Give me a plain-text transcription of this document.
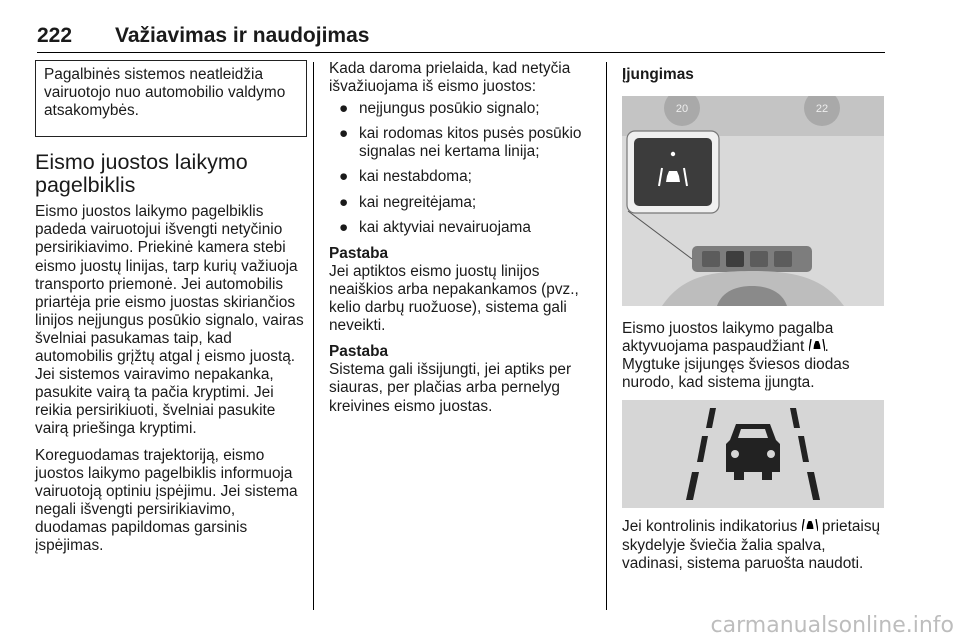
222 Važiavimas ir naudojimas

Pagalbinės sistemos neatleidžia vairuotojo nuo automobilio valdymo atsakomybės.

Eismo juostos laikymo pagelbiklis

Eismo juostos laikymo pagelbiklis padeda vairuotojui išvengti netyčinio persirikiavimo. Priekinė kamera stebi eismo juostų linijas, tarp kurių važiuoja transporto priemonė. Jei automobilis priartėja prie eismo juostas skiriančios linijos neįjungus posūkio signalo, vairas švelniai pasukamas taip, kad automobilis grįžtų atgal į eismo juostą. Jei sistemos vairavimo nepakanka, pasukite vairą ta pačia kryptimi. Jei reikia persirikiuoti, švelniai pasukite vairą priešinga kryptimi.

Koreguodamas trajektoriją, eismo juostos laikymo pagelbiklis informuoja vairuotoją optiniu įspėjimu. Jei sistema negali išvengti persirikiavimo, duodamas papildomas garsinis įspėjimas.

Kada daroma prielaida, kad netyčia išvažiuojama iš eismo juostos:

● neįjungus posūkio signalo;
● kai rodomas kitos pusės posūkio signalas nei kertama linija;
● kai nestabdoma;
● kai negreitėjama;
● kai aktyviai nevairuojama

Pastaba
Jei aptiktos eismo juostų linijos neaiškios arba nepakankamos (pvz., kelio darbų ruožuose), sistema gali neveikti.

Pastaba
Sistema gali išsijungti, jei aptiks per siauras, per plačias arba pernelyg kreivines eismo juostas.

Įjungimas
20	22

Eismo juostos laikymo pagalba aktyvuojama paspaudžiant . Mygtuke įsijungęs šviesos diodas nurodo, kad sistema įjungta.

Jei kontrolinis indikatorius  prietaisų skydelyje šviečia žalia spalva, vadinasi, sistema paruošta naudoti.

carmanualsonline.info
